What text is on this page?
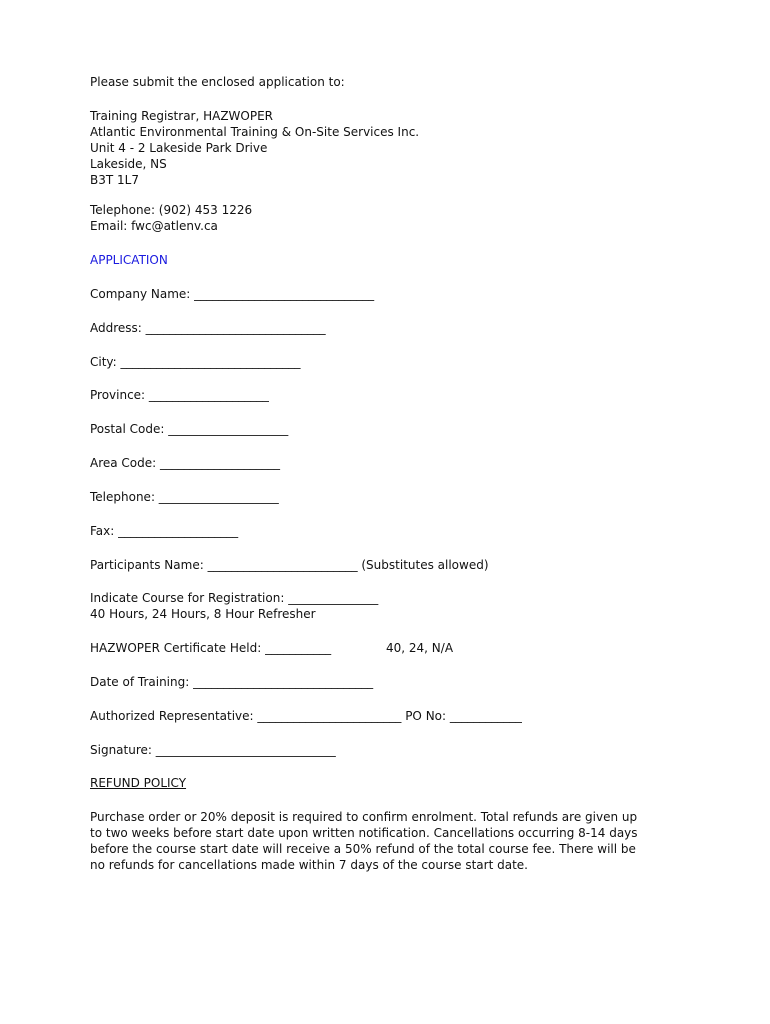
Please submit the enclosed application to:
Training Registrar, HAZWOPER
Atlantic Environmental Training & On-Site Services Inc.
Unit 4 - 2 Lakeside Park Drive
Lakeside, NS
B3T 1L7
Telephone: (902) 453 1226
Email: fwc@atlenv.ca
APPLICATION
Company Name: ______________________________
Address: ______________________________
City: ______________________________
Province: ____________________
Postal Code: ____________________
Area Code: ____________________
Telephone: ____________________
Fax: ____________________
Participants Name: _________________________ (Substitutes allowed)
Indicate Course for Registration: _______________
40 Hours, 24 Hours, 8 Hour Refresher
HAZWOPER Certificate Held: ___________	40, 24, N/A
Date of Training: ______________________________
Authorized Representative: ________________________ PO No: ____________
Signature: ______________________________
REFUND POLICY
Purchase order or 20% deposit is required to confirm enrolment. Total refunds are given up
to two weeks before start date upon written notification. Cancellations occurring 8-14 days
before the course start date will receive a 50% refund of the total course fee. There will be
no refunds for cancellations made within 7 days of the course start date.
